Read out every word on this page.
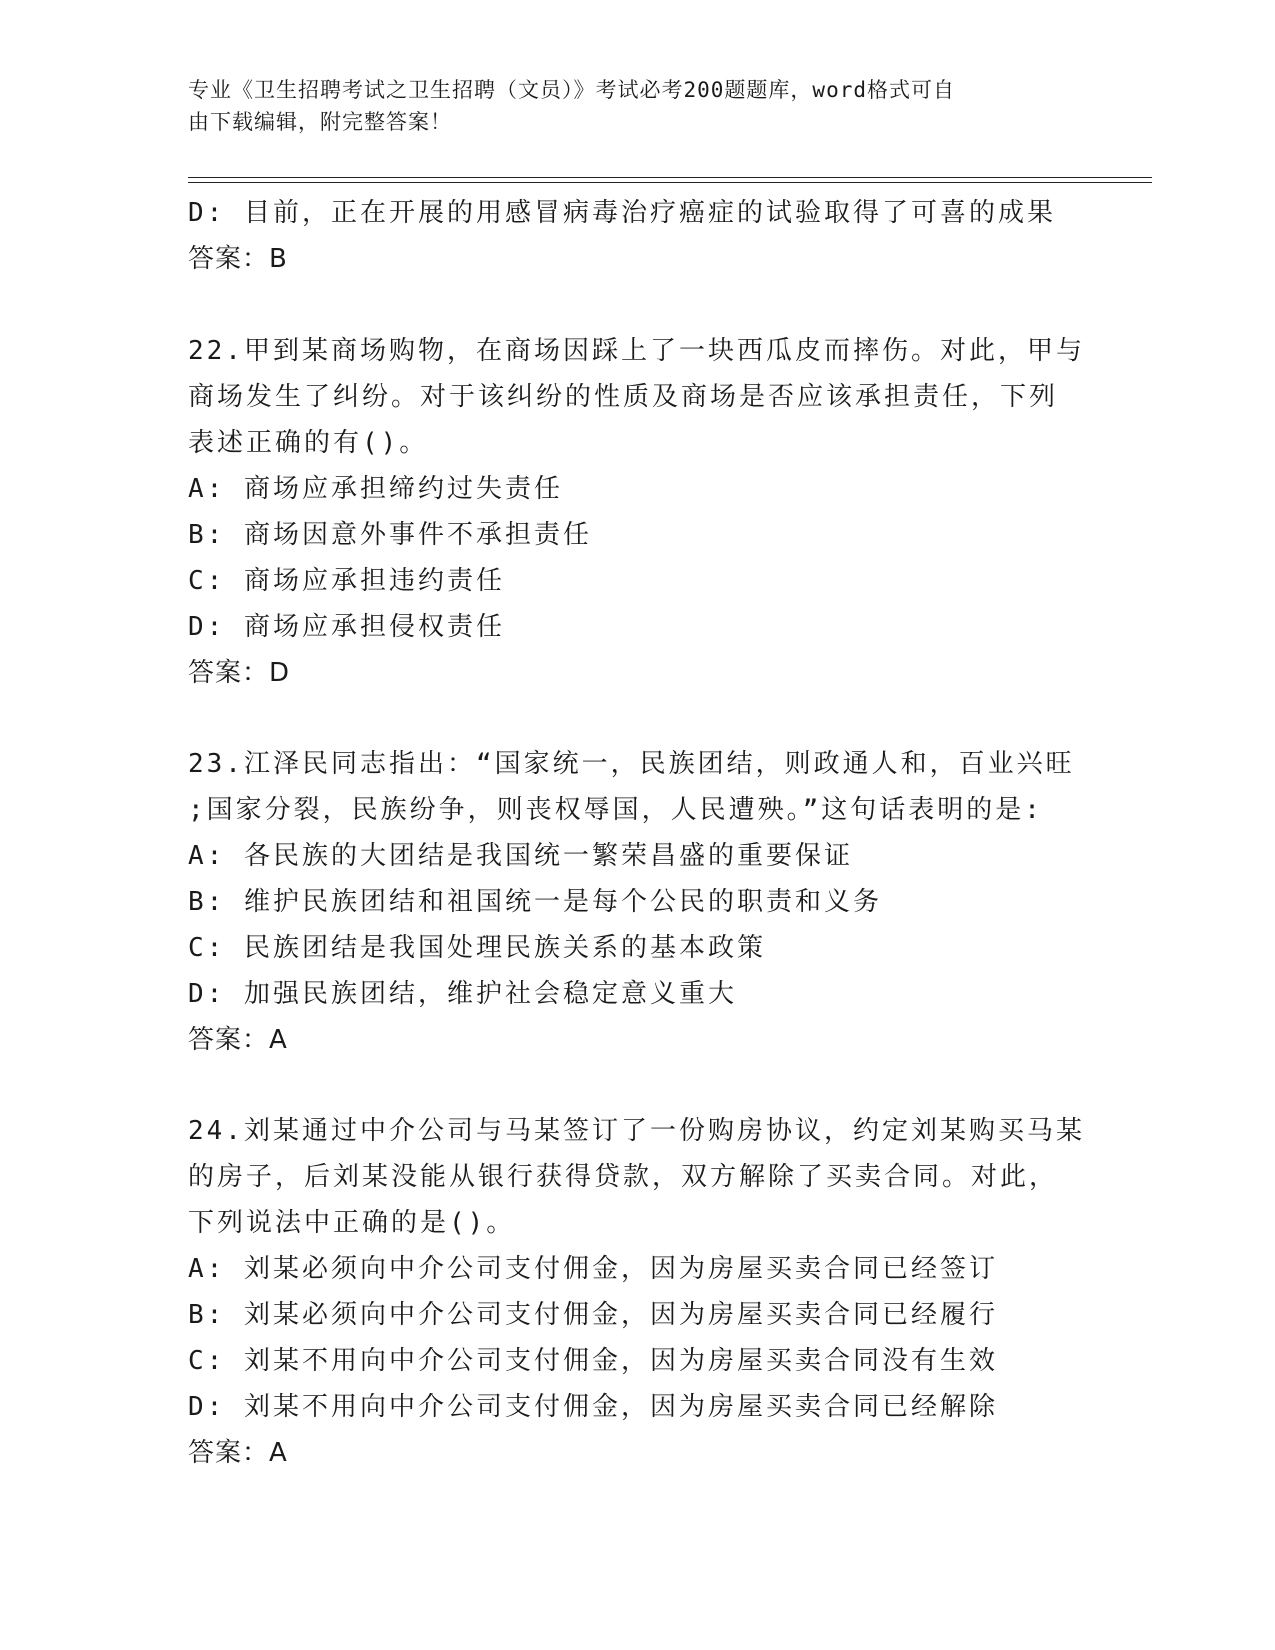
专业《卫生招聘考试之卫生招聘（文员）》考试必考200题题库，word格式可自
由下载编辑，附完整答案！
D: 目前，正在开展的用感冒病毒治疗癌症的试验取得了可喜的成果
答案：B
22.甲到某商场购物，在商场因踩上了一块西瓜皮而摔伤。对此，甲与
商场发生了纠纷。对于该纠纷的性质及商场是否应该承担责任，下列
表述正确的有()。
A: 商场应承担缔约过失责任
B: 商场因意外事件不承担责任
C: 商场应承担违约责任
D: 商场应承担侵权责任
答案：D
23.江泽民同志指出：“国家统一，民族团结，则政通人和，百业兴旺
;国家分裂，民族纷争，则丧权辱国，人民遭殃。”这句话表明的是:
A: 各民族的大团结是我国统一繁荣昌盛的重要保证
B: 维护民族团结和祖国统一是每个公民的职责和义务
C: 民族团结是我国处理民族关系的基本政策
D: 加强民族团结，维护社会稳定意义重大
答案：A
24.刘某通过中介公司与马某签订了一份购房协议，约定刘某购买马某
的房子，后刘某没能从银行获得贷款，双方解除了买卖合同。对此，
下列说法中正确的是()。
A: 刘某必须向中介公司支付佣金，因为房屋买卖合同已经签订
B: 刘某必须向中介公司支付佣金，因为房屋买卖合同已经履行
C: 刘某不用向中介公司支付佣金，因为房屋买卖合同没有生效
D: 刘某不用向中介公司支付佣金，因为房屋买卖合同已经解除
答案：A
